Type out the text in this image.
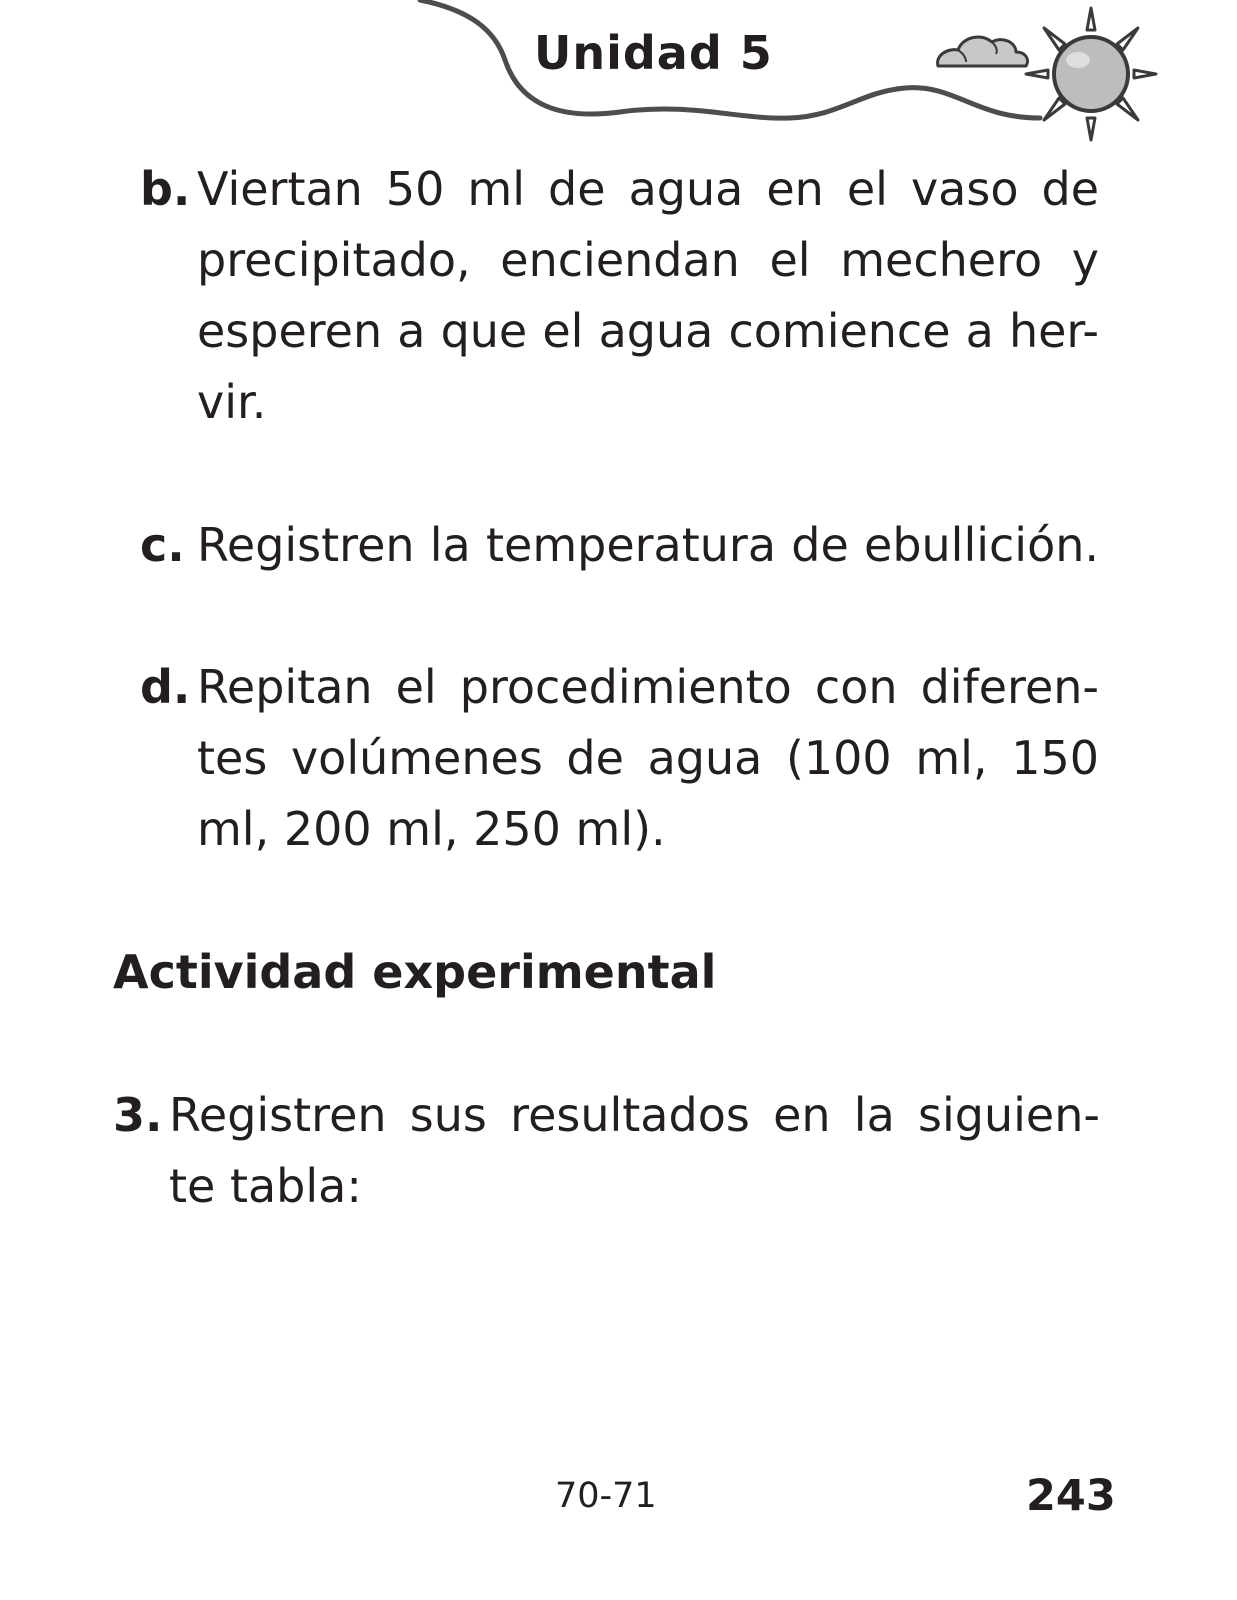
Unidad 5
b. Viertan 50 ml de agua en el vaso de
precipitado, enciendan el mechero y
esperen a que el agua comience a her-
vir.
c. Registren la temperatura de ebullición.
d. Repitan el procedimiento con diferen-
tes volúmenes de agua (100 ml, 150
ml, 200 ml, 250 ml).
Actividad experimental
3. Registren sus resultados en la siguien-
te tabla:
70-71	243
